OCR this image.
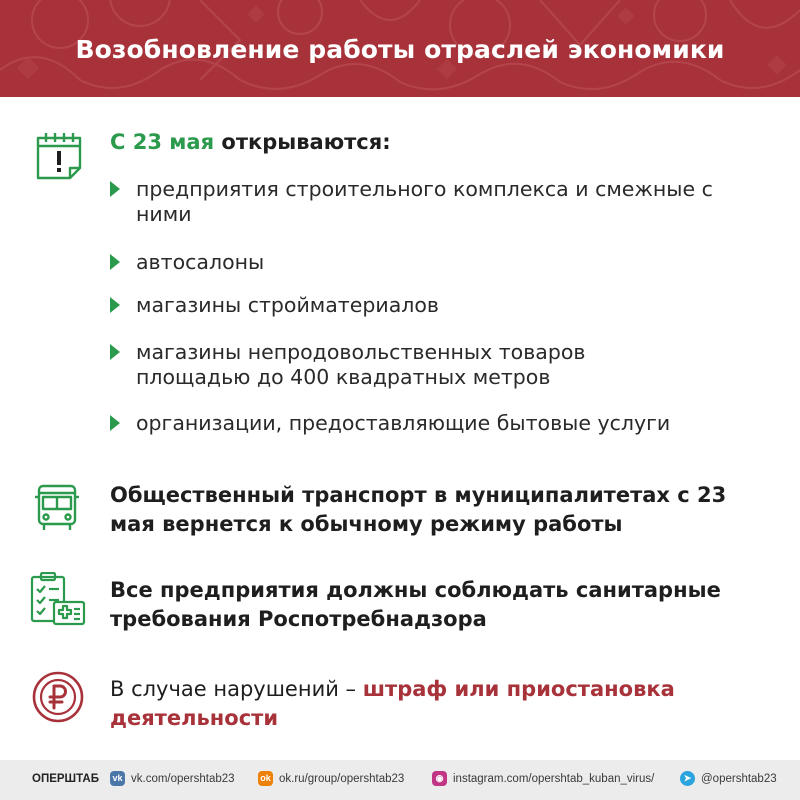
Возобновление работы отраслей экономики
С 23 мая открываются:
предприятия строительного комплекса и смежные с ними
автосалоны
магазины стройматериалов
магазины непродовольственных товаров площадью до 400 квадратных метров
организации, предоставляющие бытовые услуги
Общественный транспорт в муниципалитетах с 23 мая вернется к обычному режиму работы
Все предприятия должны соблюдать санитарные требования Роспотребнадзора
В случае нарушений – штраф или приостановка деятельности
ОПЕРШТАБ vk vk.com/opershtab23	ok ok.ru/group/opershtab23	◉ instagram.com/opershtab_kuban_virus/	➤ @opershtab23
